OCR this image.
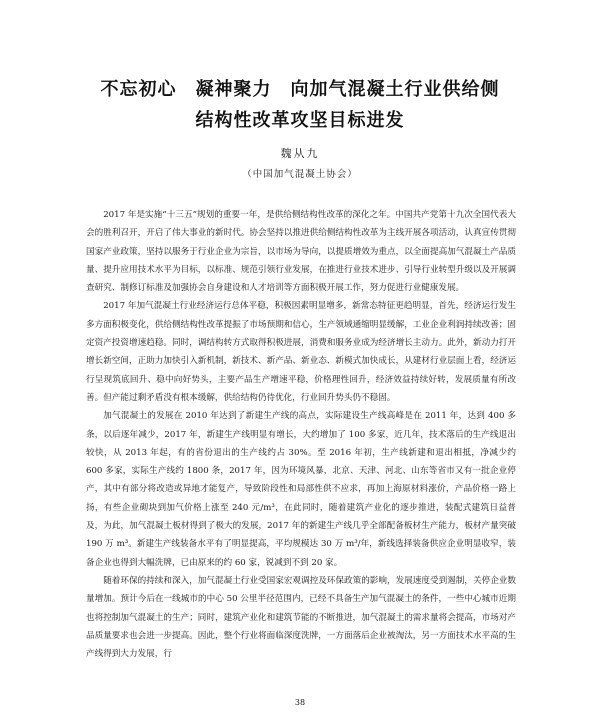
不忘初心　凝神聚力　向加气混凝土行业供给侧
结构性改革攻坚目标进发
魏从九
（中国加气混凝土协会）

2017 年是实施“十三五”规划的重要一年，是供给侧结构性改革的深化之年。中国共产党第十九次全国代表大会的胜利召开，开启了伟大事业的新时代。协会坚持以推进供给侧结构性改革为主线开展各项活动，认真宣传贯彻国家产业政策，坚持以服务于行业企业为宗旨，以市场为导向，以提质增效为重点，以全面提高加气混凝土产品质量、提升应用技术水平为目标，以标准、规范引领行业发展，在推进行业技术进步、引导行业转型升级以及开展调查研究、制修订标准及加强协会自身建设和人才培训等方面积极开展工作，努力促进行业健康发展。

2017 年加气混凝土行业经济运行总体平稳，积极因素明显增多，新常态特征更趋明显，首先，经济运行发生多方面积极变化，供给侧结构性改革提振了市场预期和信心，生产领域通缩明显缓解，工业企业利润持续改善；固定资产投资增速趋稳。同时，调结构转方式取得积极进展，消费和服务业成为经济增长主动力。此外，新动力打开增长新空间，正助力加快引入新机制，新技术、新产品、新业态、新模式加快成长，从建材行业层面上看，经济运行呈现筑底回升、稳中向好势头，主要产品生产增速平稳，价格理性回升，经济效益持续好转，发展质量有所改善。但产能过剩矛盾没有根本缓解，供给结构仍待优化，行业回升势头仍不稳固。

加气混凝土的发展在 2010 年达到了新建生产线的高点，实际建设生产线高峰是在 2011 年，达到 400 多条，以后逐年减少，2017 年，新建生产线明显有增长，大约增加了 100 多家，近几年，技术落后的生产线退出较快，从 2013 年起，有的省份退出的生产线约占 30%。至 2016 年初，生产线新建和退出相抵，净减少约 600 多家，实际生产线约 1800 条，2017 年，因为环境风暴，北京、天津、河北、山东等省市又有一批企业停产，其中有部分将改造或异地才能复产，导致阶段性和局部性供不应求，再加上海原材料涨价，产品价格一路上扬，有些企业砌块到加气价格上涨至 240 元/m³，在此同时，随着建筑产业化的逐步推进，装配式建筑日益普及，为此，加气混凝土板材得到了极大的发展，2017 年的新建生产线几乎全部配备板材生产能力，板材产量突破 190 万 m³。新建生产线装备水平有了明显提高，平均规模达 30 万 m³/年，新线选择装备供应企业明显收窄，装备企业也得到大幅洗牌，已由原来的约 60 家，锐减到不到 20 家。

随着环保的持续和深入，加气混凝土行业受国家宏观调控及环保政策的影响，发展速度受到遏制，关停企业数量增加。预计今后在一线城市的中心 50 公里半径范围内，已经不具备生产加气混凝土的条件，一些中心城市近期也将控制加气混凝土的生产；同时，建筑产业化和建筑节能的不断推进，加气混凝土的需求量将会提高，市场对产品质量要求也会进一步提高。因此，整个行业将面临深度洗牌，一方面落后企业被淘汰，另一方面技术水平高的生产线得到大力发展，行

38
